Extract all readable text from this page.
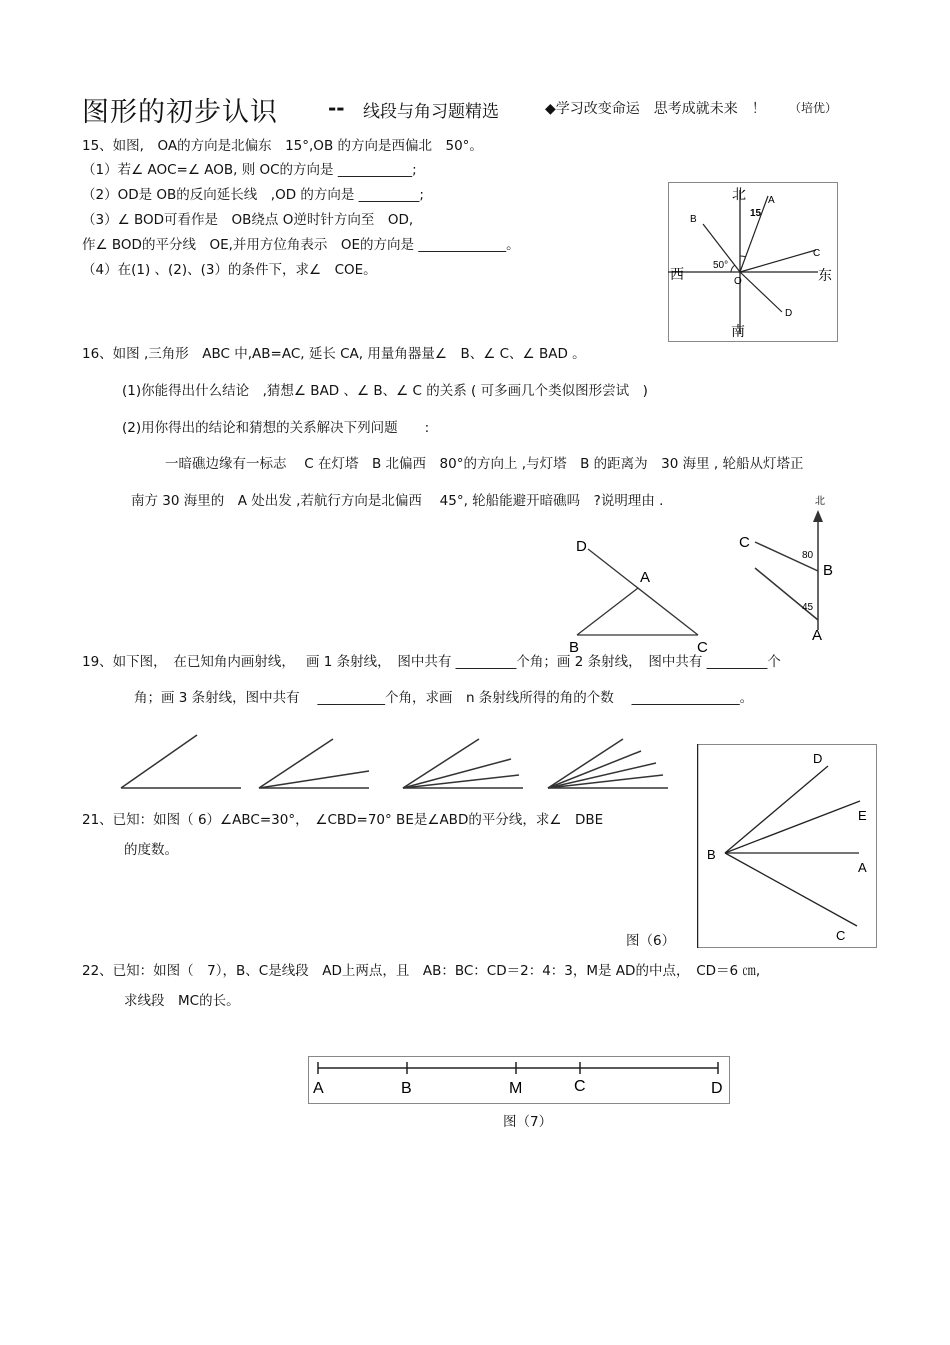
图形的初步认识	-- 线段与角习题精选	◆学习改变命运　思考成就未来　！ （培优）
15、如图,　OA的方向是北偏东　15°,OB 的方向是西偏北　50°。
（1）若∠ AOC=∠ AOB, 则 OC的方向是 ___________;
（2）OD是 OB的反向延长线　,OD 的方向是 _________;
（3）∠ BOD可看作是　OB绕点 O逆时针方向至　OD,
作∠ BOD的平分线　OE,并用方位角表示　OE的方向是 _____________。
（4）在(1) 、(2)、(3）的条件下，求∠　COE。
北
南
西	东
15
50°
O
A
B
C
D
16、如图 ,三角形　ABC 中,AB=AC, 延长 CA, 用量角器量∠　B、∠ C、∠ BAD 。
(1)你能得出什么结论　,猜想∠ BAD 、∠ B、∠ C 的关系 ( 可多画几个类似图形尝试　)
(2)用你得出的结论和猜想的关系解决下列问题　　:
一暗礁边缘有一标志　 C 在灯塔　B 北偏西　80°的方向上 ,与灯塔　B 的距离为　30 海里 , 轮船从灯塔正
南方 30 海里的　A 处出发 ,若航行方向是北偏西　 45°, 轮船能避开暗礁吗　?说明理由 .
D
A
B	C
北
C
80
B
45
A
19、如下图，　在已知角内画射线，　 画 1 条射线，　图中共有 _________个角；画 2 条射线，　图中共有 _________个
角；画 3 条射线，图中共有　 __________个角，求画　n 条射线所得的角的个数　 ________________。
21、已知：如图（ 6）∠ABC=30°，　∠CBD=70° BE是∠ABD的平分线，求∠　DBE
的度数。
图（6）
D
E
B
A
C
22、已知：如图（　7），B、C是线段　AD上两点，且　AB：BC：CD＝2：4：3，M是 AD的中点，　CD＝6 ㎝,
求线段　MC的长。
A	B	M	C	D
图（7）
